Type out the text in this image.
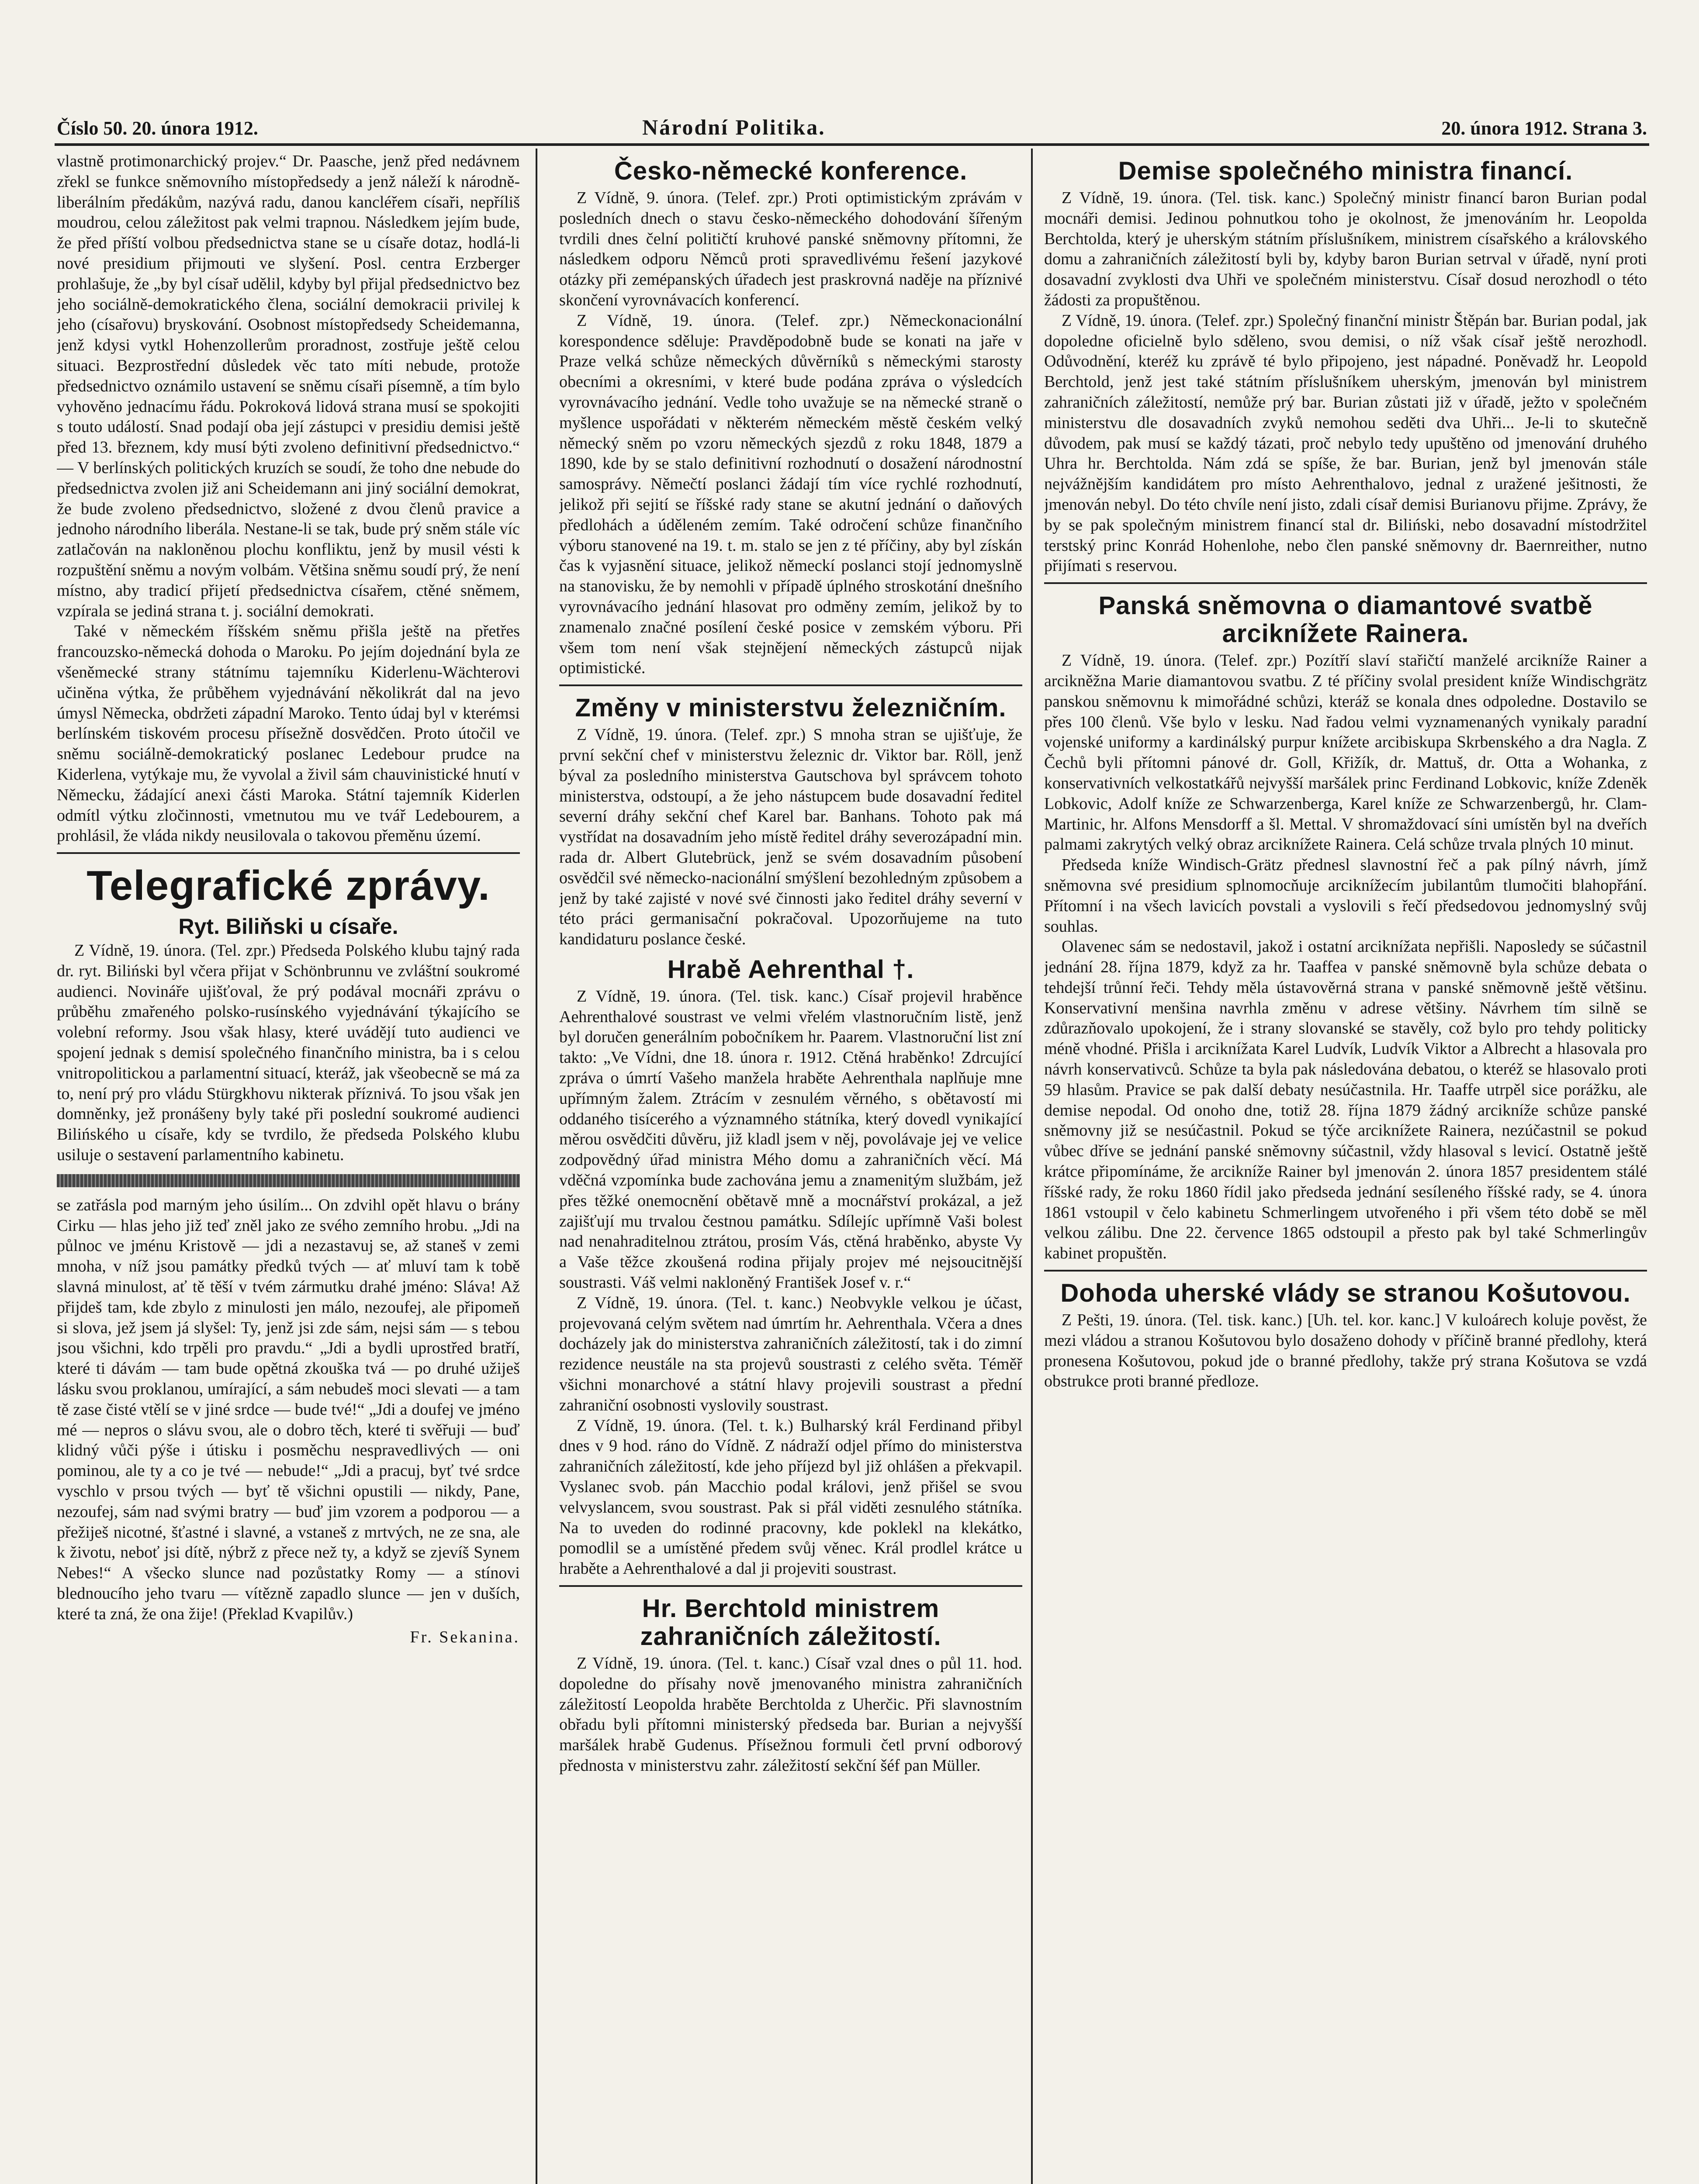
Číslo 50. 20. února 1912.	Národní Politika.	20. února 1912. Strana 3.

vlastně protimonarchický projev.“ Dr. Paasche, jenž před nedávnem zřekl se funkce sněmovního místopředsedy a jenž náleží k národně-liberálním předákům, nazývá radu, danou kancléřem císaři, nepříliš moudrou, celou záležitost pak velmi trapnou. Následkem jejím bude, že před příští volbou předsednictva stane se u císaře dotaz, hodlá-li nové presidium přijmouti ve slyšení. Posl. centra Erzberger prohlašuje, že „by byl císař udělil, kdyby byl přijal předsednictvo bez jeho sociálně-demokratického člena, sociální demokracii privilej k jeho (císařovu) bryskování. Osobnost místopředsedy Scheidemanna, jenž kdysi vytkl Hohenzollerům proradnost, zostřuje ještě celou situaci. Bezprostřední důsledek věc tato míti nebude, protože předsednictvo oznámilo ustavení se sněmu císaři písemně, a tím bylo vyhověno jednacímu řádu. Pokroková lidová strana musí se spokojiti s touto událostí. Snad podají oba její zástupci v presidiu demisi ještě před 13. březnem, kdy musí býti zvoleno definitivní předsednictvo.“ — V berlínských politických kruzích se soudí, že toho dne nebude do předsednictva zvolen již ani Scheidemann ani jiný sociální demokrat, že bude zvoleno předsednictvo, složené z dvou členů pravice a jednoho národního liberála. Nestane-li se tak, bude prý sněm stále víc zatlačován na nakloněnou plochu konfliktu, jenž by musil vésti k rozpuštění sněmu a novým volbám. Většina sněmu soudí prý, že není místno, aby tradicí přijetí předsednictva císařem, ctěné sněmem, vzpírala se jediná strana t. j. sociální demokrati.

Také v německém říšském sněmu přišla ještě na přetřes francouzsko-německá dohoda o Maroku. Po jejím dojednání byla ze všeněmecké strany státnímu tajemníku Kiderlenu-Wächterovi učiněna výtka, že průběhem vyjednávání několikrát dal na jevo úmysl Německa, obdržeti západní Maroko. Tento údaj byl v kterémsi berlínském tiskovém procesu přísežně dosvědčen. Proto útočil ve sněmu sociálně-demokratický poslanec Ledebour prudce na Kiderlena, vytýkaje mu, že vyvolal a živil sám chauvinistické hnutí v Německu, žádající anexi části Maroka. Státní tajemník Kiderlen odmítl výtku zločinnosti, vmetnutou mu ve tvář Ledebourem, a prohlásil, že vláda nikdy neusilovala o takovou přeměnu území.

Telegrafické zprávy.
Ryt. Biliňski u císaře.

Z Vídně, 19. února. (Tel. zpr.) Předseda Polského klubu tajný rada dr. ryt. Biliński byl včera přijat v Schönbrunnu ve zvláštní soukromé audienci. Novináře ujišťoval, že prý podával mocnáři zprávu o průběhu zmařeného polsko-rusínského vyjednávání týkajícího se volební reformy. Jsou však hlasy, které uvádějí tuto audienci ve spojení jednak s demisí společného finančního ministra, ba i s celou vnitropolitickou a parlamentní situací, kteráž, jak všeobecně se má za to, není prý pro vládu Stürgkhovu nikterak příznivá. To jsou však jen domněnky, jež pronášeny byly také při poslední soukromé audienci Bilińského u císaře, kdy se tvrdilo, že předseda Polského klubu usiluje o sestavení parlamentního kabinetu.

se zatřásla pod marným jeho úsilím... On zdvihl opět hlavu o brány Cirku — hlas jeho již teď zněl jako ze svého zemního hrobu. „Jdi na půlnoc ve jménu Kristově — jdi a nezastavuj se, až staneš v zemi mnoha, v níž jsou památky předků tvých — ať mluví tam k tobě slavná minulost, ať tě těší v tvém zármutku drahé jméno: Sláva! Až přijdeš tam, kde zbylo z minulosti jen málo, nezoufej, ale připomeň si slova, jež jsem já slyšel: Ty, jenž jsi zde sám, nejsi sám — s tebou jsou všichni, kdo trpěli pro pravdu.“ „Jdi a bydli uprostřed bratří, které ti dávám — tam bude opětná zkouška tvá — po druhé užiješ lásku svou proklanou, umírající, a sám nebudeš moci slevati — a tam tě zase čisté vtělí se v jiné srdce — bude tvé!“ „Jdi a doufej ve jméno mé — nepros o slávu svou, ale o dobro těch, které ti svěřuji — buď klidný vůči pýše i útisku i posměchu nespravedlivých — oni pominou, ale ty a co je tvé — nebude!“ „Jdi a pracuj, byť tvé srdce vyschlo v prsou tvých — byť tě všichni opustili — nikdy, Pane, nezoufej, sám nad svými bratry — buď jim vzorem a podporou — a přežiješ nicotné, šťastné i slavné, a vstaneš z mrtvých, ne ze sna, ale k životu, neboť jsi dítě, nýbrž z přece než ty, a když se zjevíš Synem Nebes!“ A všecko slunce nad pozůstatky Romy — a stínovi blednoucího jeho tvaru — vítězně zapadlo slunce — jen v duších, které ta zná, že ona žije! (Překlad Kvapilův.)

Fr. Sekanina.
Česko-německé konference.

Z Vídně, 9. února. (Telef. zpr.) Proti optimistickým zprávám v posledních dnech o stavu česko-německého dohodování šířeným tvrdili dnes čelní političtí kruhové panské sněmovny přítomni, že následkem odporu Němců proti spravedlivému řešení jazykové otázky při zemépanských úřadech jest praskrovná naděje na příznivé skončení vyrovnávacích konferencí.

Z Vídně, 19. února. (Telef. zpr.) Německonacionální korespondence sděluje: Pravděpodobně bude se konati na jaře v Praze velká schůze německých důvěrníků s německými starosty obecními a okresními, v které bude podána zpráva o výsledcích vyrovnávacího jednání. Vedle toho uvažuje se na německé straně o myšlence uspořádati v některém německém městě českém velký německý sněm po vzoru německých sjezdů z roku 1848, 1879 a 1890, kde by se stalo definitivní rozhodnutí o dosažení národnostní samosprávy. Němečtí poslanci žádají tím více rychlé rozhodnutí, jelikož při sejití se říšské rady stane se akutní jednání o daňových předlohách a úděleném zemím. Také odročení schůze finančního výboru stanovené na 19. t. m. stalo se jen z té příčiny, aby byl získán čas k vyjasnění situace, jelikož německí poslanci stojí jednomyslně na stanovisku, že by nemohli v případě úplného stroskotání dnešního vyrovnávacího jednání hlasovat pro odměny zemím, jelikož by to znamenalo značné posílení české posice v zemském výboru. Při všem tom není však stejnějení německých zástupců nijak optimistické.

Změny v ministerstvu železničním.

Z Vídně, 19. února. (Telef. zpr.) S mnoha stran se ujišťuje, že první sekční chef v ministerstvu železnic dr. Viktor bar. Röll, jenž býval za posledního ministerstva Gautschova byl správcem tohoto ministerstva, odstoupí, a že jeho nástupcem bude dosavadní ředitel severní dráhy sekční chef Karel bar. Banhans. Tohoto pak má vystřídat na dosavadním jeho místě ředitel dráhy severozápadní min. rada dr. Albert Glutebrück, jenž se svém dosavadním působení osvědčil své německo-nacionální smýšlení bezohledným způsobem a jenž by také zajisté v nové své činnosti jako ředitel dráhy severní v této práci germanisační pokračoval. Upozorňujeme na tuto kandidaturu poslance české.

Hrabě Aehrenthal †.

Z Vídně, 19. února. (Tel. tisk. kanc.) Císař projevil hraběnce Aehrenthalové soustrast ve velmi vřelém vlastnoručním listě, jenž byl doručen generálním pobočníkem hr. Paarem. Vlastnoruční list zní takto: „Ve Vídni, dne 18. února r. 1912. Ctěná hraběnko! Zdrcující zpráva o úmrtí Vašeho manžela hraběte Aehrenthala naplňuje mne upřímným žalem. Ztrácím v zesnulém věrného, s obětavostí mi oddaného tisícerého a významného státníka, který dovedl vynikající měrou osvědčiti důvěru, již kladl jsem v něj, povolávaje jej ve velice zodpovědný úřad ministra Mého domu a zahraničních věcí. Má vděčná vzpomínka bude zachována jemu a znamenitým službám, jež přes těžké onemocnění obětavě mně a mocnářství prokázal, a jež zajišťují mu trvalou čestnou památku. Sdílejíc upřímně Vaši bolest nad nenahraditelnou ztrátou, prosím Vás, ctěná hraběnko, abyste Vy a Vaše těžce zkoušená rodina přijaly projev mé nejsoucitnější soustrasti. Váš velmi nakloněný František Josef v. r.“

Z Vídně, 19. února. (Tel. t. kanc.) Neobvykle velkou je účast, projevovaná celým světem nad úmrtím hr. Aehrenthala. Včera a dnes docházely jak do ministerstva zahraničních záležitostí, tak i do zimní rezidence neustále na sta projevů soustrasti z celého světa. Téměř všichni monarchové a státní hlavy projevili soustrast a přední zahraniční osobnosti vyslovily soustrast.

Z Vídně, 19. února. (Tel. t. k.) Bulharský král Ferdinand přibyl dnes v 9 hod. ráno do Vídně. Z nádraží odjel přímo do ministerstva zahraničních záležitostí, kde jeho příjezd byl již ohlášen a překvapil. Vyslanec svob. pán Macchio podal královi, jenž přišel se svou velvyslancem, svou soustrast. Pak si přál viděti zesnulého státníka. Na to uveden do rodinné pracovny, kde poklekl na klekátko, pomodlil se a umístěné předem svůj věnec. Král prodlel krátce u hraběte a Aehrenthalové a dal ji projeviti soustrast.

Hr. Berchtold ministrem zahraničních záležitostí.

Z Vídně, 19. února. (Tel. t. kanc.) Císař vzal dnes o půl 11. hod. dopoledne do přísahy nově jmenovaného ministra zahraničních záležitostí Leopolda hraběte Berchtolda z Uherčic. Při slavnostním obřadu byli přítomni ministerský předseda bar. Burian a nejvyšší maršálek hrabě Gudenus. Přísežnou formuli četl první odborový přednosta v ministerstvu zahr. záležitostí sekční šéf pan Müller.

Demise společného ministra financí.

Z Vídně, 19. února. (Tel. tisk. kanc.) Společný ministr financí baron Burian podal mocnáři demisi. Jedinou pohnutkou toho je okolnost, že jmenováním hr. Leopolda Berchtolda, který je uherským státním příslušníkem, ministrem císařského a královského domu a zahraničních záležitostí byli by, kdyby baron Burian setrval v úřadě, nyní proti dosavadní zvyklosti dva Uhři ve společném ministerstvu. Císař dosud nerozhodl o této žádosti za propuštěnou.

Z Vídně, 19. února. (Telef. zpr.) Společný finanční ministr Štěpán bar. Burian podal, jak dopoledne oficielně bylo sděleno, svou demisi, o níž však císař ještě nerozhodl. Odůvodnění, kteréž ku zprávě té bylo připojeno, jest nápadné. Poněvadž hr. Leopold Berchtold, jenž jest také státním příslušníkem uherským, jmenován byl ministrem zahraničních záležitostí, nemůže prý bar. Burian zůstati již v úřadě, ježto v společném ministerstvu dle dosavadních zvyků nemohou seděti dva Uhři... Je-li to skutečně důvodem, pak musí se každý tázati, proč nebylo tedy upuštěno od jmenování druhého Uhra hr. Berchtolda. Nám zdá se spíše, že bar. Burian, jenž byl jmenován stále nejvážnějším kandidátem pro místo Aehrenthalovo, jednal z uražené ješitnosti, že jmenován nebyl. Do této chvíle není jisto, zdali císař demisi Burianovu přijme. Zprávy, že by se pak společným ministrem financí stal dr. Biliński, nebo dosavadní místodržitel terstský princ Konrád Hohenlohe, nebo člen panské sněmovny dr. Baernreither, nutno přijímati s reservou.

Panská sněmovna o diamantové svatbě arciknížete Rainera.

Z Vídně, 19. února. (Telef. zpr.) Pozítří slaví stařičtí manželé arcikníže Rainer a arcikněžna Marie diamantovou svatbu. Z té příčiny svolal president kníže Windischgrätz panskou sněmovnu k mimořádné schůzi, kteráž se konala dnes odpoledne. Dostavilo se přes 100 členů. Vše bylo v lesku. Nad řadou velmi vyznamenaných vynikaly paradní vojenské uniformy a kardinálský purpur knížete arcibiskupa Skrbenského a dra Nagla. Z Čechů byli přítomni pánové dr. Goll, Křižík, dr. Mattuš, dr. Otta a Wohanka, z konservativních velkostatkářů nejvyšší maršálek princ Ferdinand Lobkovic, kníže Zdeněk Lobkovic, Adolf kníže ze Schwarzenberga, Karel kníže ze Schwarzenbergů, hr. Clam-Martinic, hr. Alfons Mensdorff a šl. Mettal. V shromaždovací síni umístěn byl na dveřích palmami zakrytých velký obraz arciknížete Rainera. Celá schůze trvala plných 10 minut.

Předseda kníže Windisch-Grätz přednesl slavnostní řeč a pak pílný návrh, jímž sněmovna své presidium splnomocňuje arciknížecím jubilantům tlumočiti blahopřání. Přítomní i na všech lavicích povstali a vyslovili s řečí předsedovou jednomyslný svůj souhlas.

Olavenec sám se nedostavil, jakož i ostatní arciknížata nepřišli. Naposledy se súčastnil jednání 28. října 1879, když za hr. Taaffea v panské sněmovně byla schůze debata o tehdejší trůnní řeči. Tehdy měla ústavověrná strana v panské sněmovně ještě většinu. Konservativní menšina navrhla změnu v adrese většiny. Návrhem tím silně se zdůrazňovalo upokojení, že i strany slovanské se stavěly, což bylo pro tehdy politicky méně vhodné. Přišla i arciknížata Karel Ludvík, Ludvík Viktor a Albrecht a hlasovala pro návrh konservativců. Schůze ta byla pak následována debatou, o kteréž se hlasovalo proti 59 hlasům. Pravice se pak další debaty nesúčastnila. Hr. Taaffe utrpěl sice porážku, ale demise nepodal. Od onoho dne, totiž 28. října 1879 žádný arcikníže schůze panské sněmovny již se nesúčastnil. Pokud se týče arciknížete Rainera, nezúčastnil se pokud vůbec dříve se jednání panské sněmovny súčastnil, vždy hlasoval s levicí. Ostatně ještě krátce připomínáme, že arcikníže Rainer byl jmenován 2. února 1857 presidentem stálé říšské rady, že roku 1860 řídil jako předseda jednání sesíleného říšské rady, se 4. února 1861 vstoupil v čelo kabinetu Schmerlingem utvořeného i při všem této době se měl velkou zálibu. Dne 22. července 1865 odstoupil a přesto pak byl také Schmerlingův kabinet propuštěn.

Dohoda uherské vlády se stranou Košutovou.

Z Pešti, 19. února. (Tel. tisk. kanc.) [Uh. tel. kor. kanc.] V kuloárech koluje pověst, že mezi vládou a stranou Košutovou bylo dosaženo dohody v příčině branné předlohy, která pronesena Košutovou, pokud jde o branné předlohy, takže prý strana Košutova se vzdá obstrukce proti branné předloze.
